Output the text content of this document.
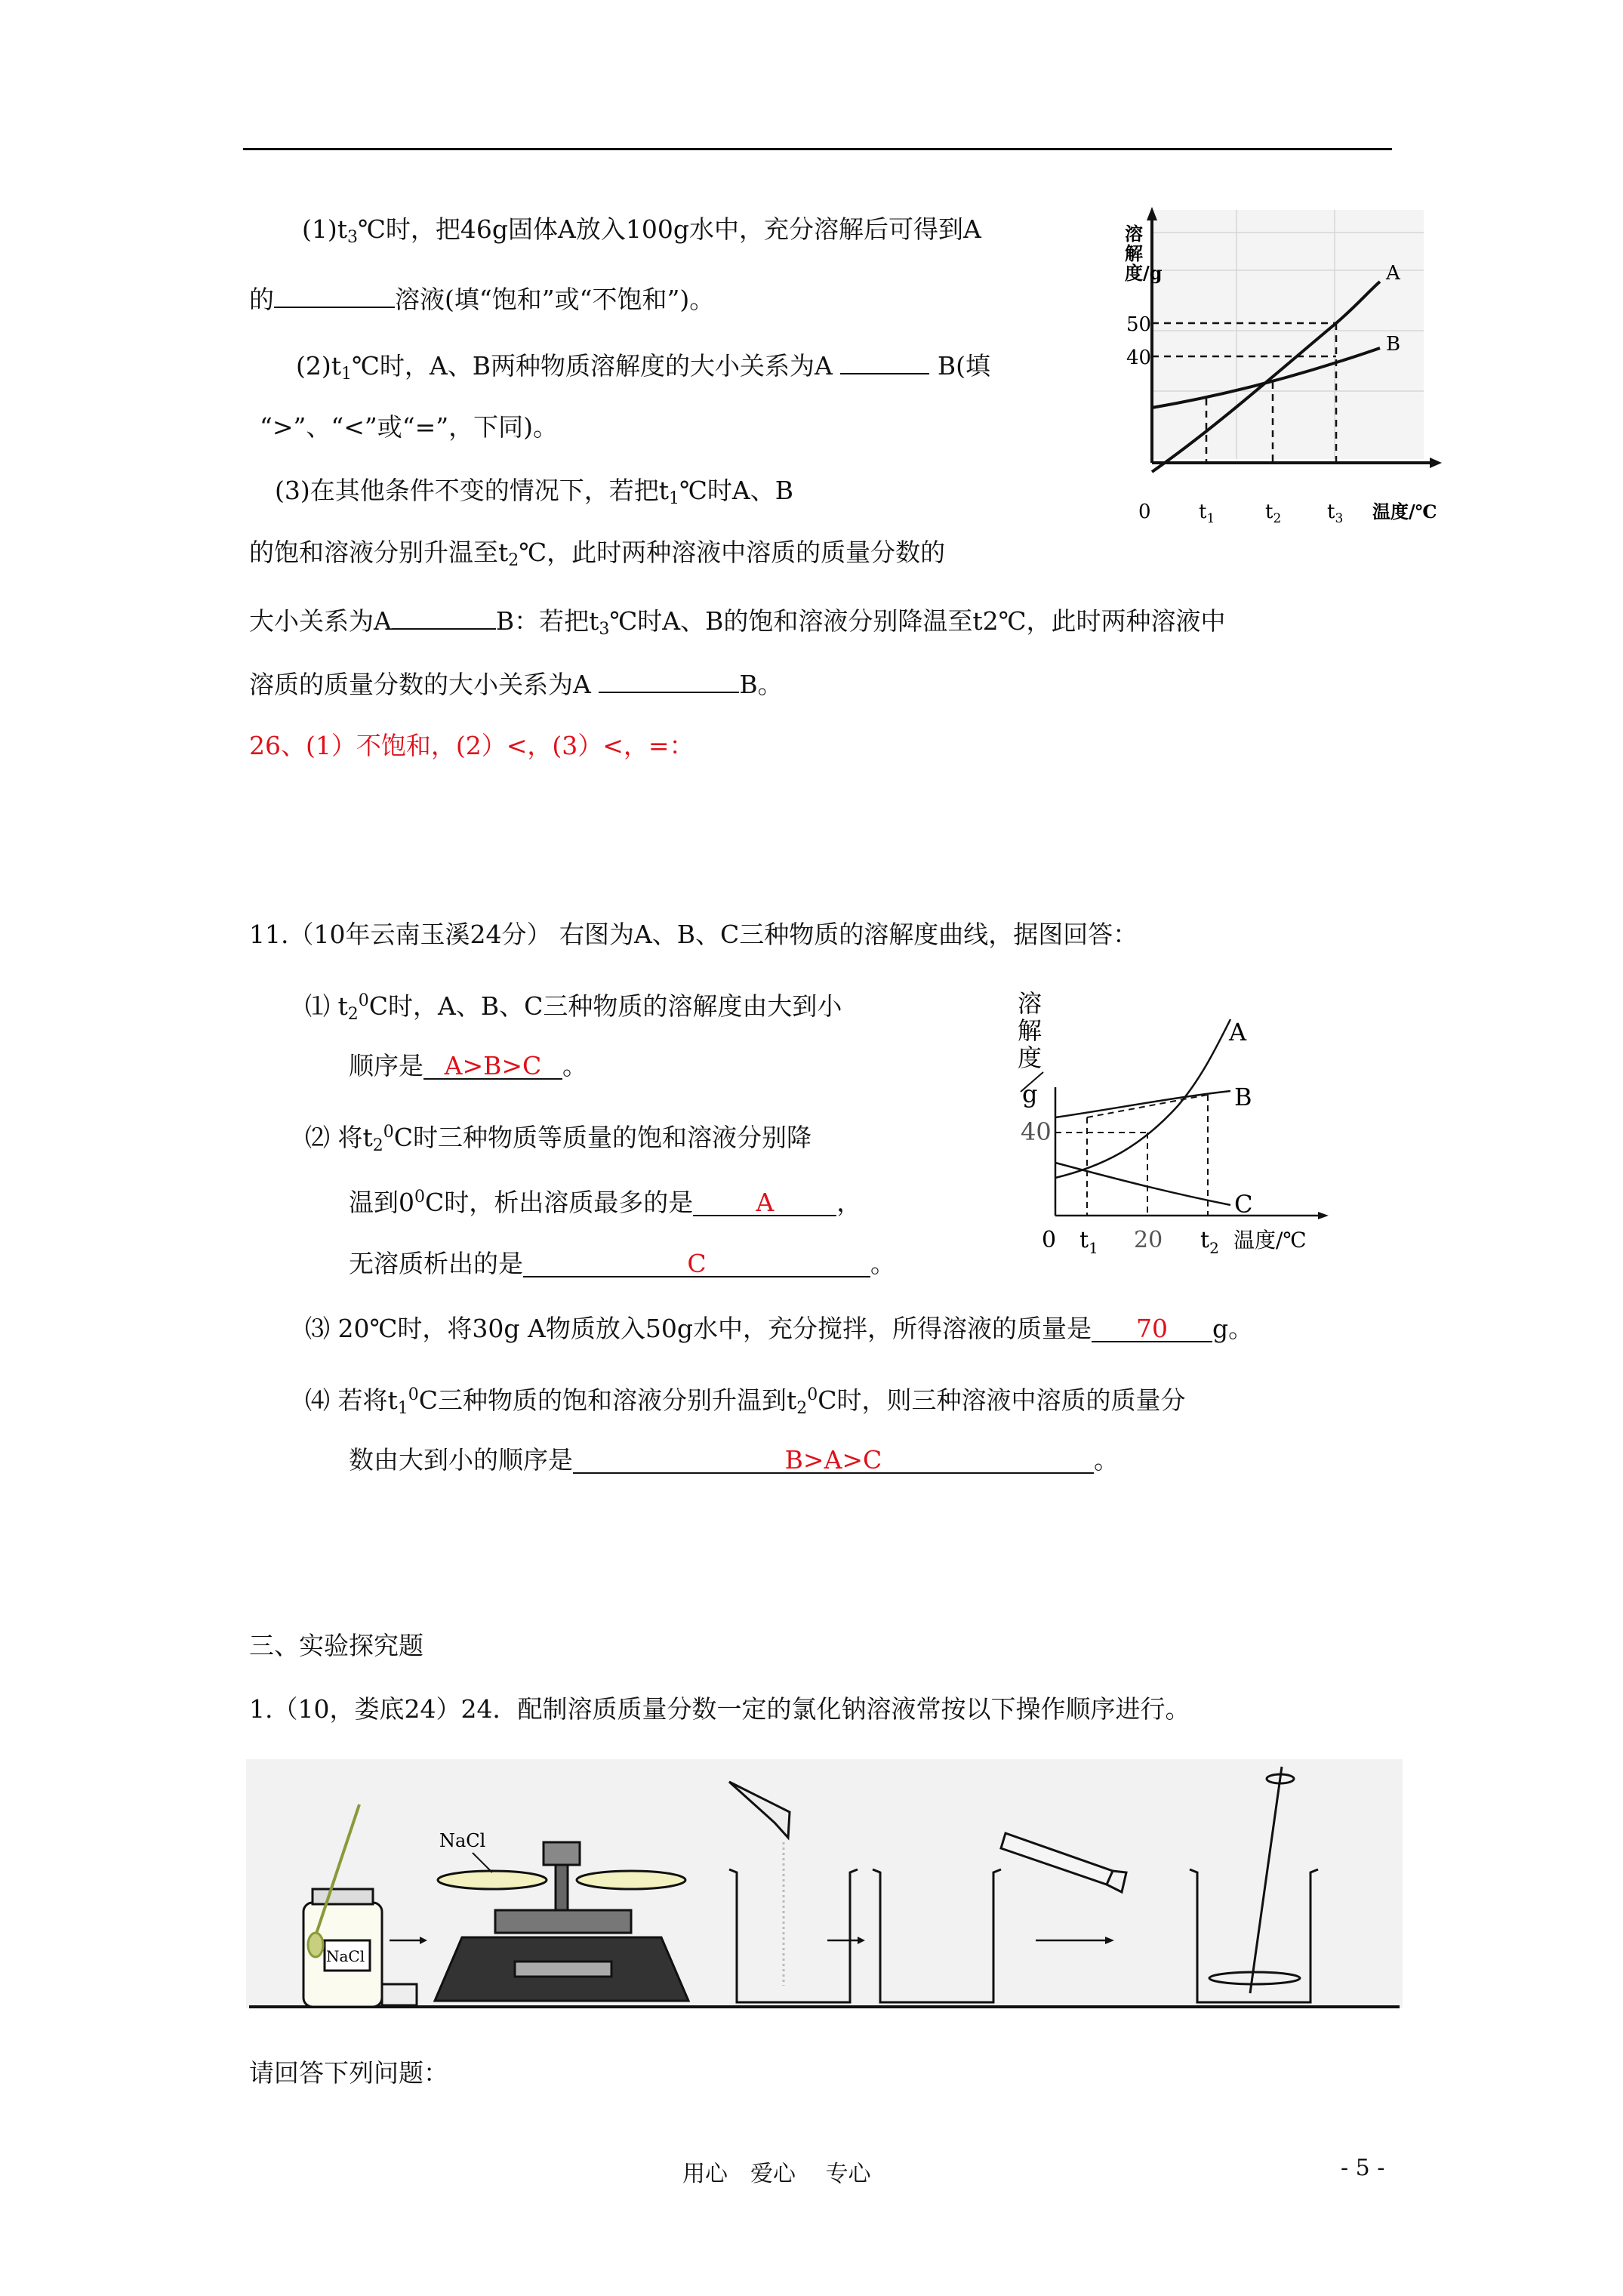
$(1)t_3℃$时，把46g固体A放入100g水中，充分溶解后可得到A
的	溶液(填“饱和”或“不饱和”)。
$(2)t_1℃$时，A、B两种物质溶解度的大小关系为A	B(填
“>”、“<”或“=”，下同)。
(3)在其他条件不变的情况下，若把$t_1℃$时A、B
的饱和溶液分别升温至$t_2℃$，此时两种溶液中溶质的质量分数的
大小关系为A	B：若把$t_3℃$时A、B的饱和溶液分别降温至t2℃，此时两种溶液中
溶质的质量分数的大小关系为A	B。
26、(1）不饱和，(2）<，(3）<，=：
溶
解
度/g
50
40
A
B
0 $t_1$	$t_2$ $t_3$ 温度/℃
11.（10年云南玉溪24分） 右图为A、B、C三种物质的溶解度曲线，据图回答：
⑴ $t_2^0C$时，A、B、C三种物质的溶解度由大到小
顺序是 A>B>C 。
⑵ 将$t_2^0C$时三种物质等质量的饱和溶液分别降
温到$0^0C$时，析出溶质最多的是	A	，
无溶质析出的是	C	。
⑶ 20℃时，将30g A物质放入50g水中，充分搅拌，所得溶液的质量是 70 g。
⑷ 若将$t_1^0C$三种物质的饱和溶液分别升温到$t_2^0C$时，则三种溶液中溶质的质量分
数由大到小的顺序是	B>A>C	。
溶
解
度
g
40
A
B
C
0 $t_1$ 20 $t_2$ 温度/℃
三、实验探究题
1.（10，娄底24）24．配制溶质质量分数一定的氯化钠溶液常按以下操作顺序进行。
NaCl
NaCl
请回答下列问题：
用心　爱心　 专心	- 5 -
